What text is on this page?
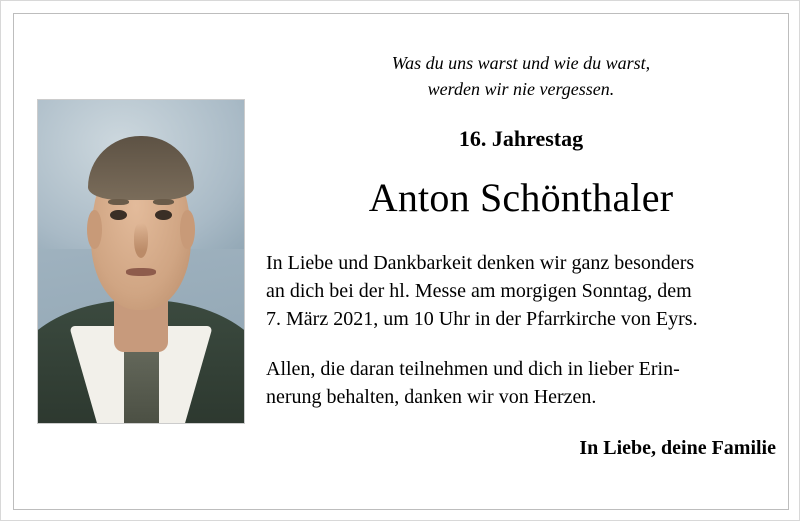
Was du uns warst und wie du warst,
werden wir nie vergessen.
16. Jahrestag
Anton Schönthaler
In Liebe und Dankbarkeit denken wir ganz besonders
an dich bei der hl. Messe am morgigen Sonntag, dem
7. März 2021, um 10 Uhr in der Pfarrkirche von Eyrs.
Allen, die daran teilnehmen und dich in lieber Erin-
nerung behalten, danken wir von Herzen.
In Liebe, deine Familie
